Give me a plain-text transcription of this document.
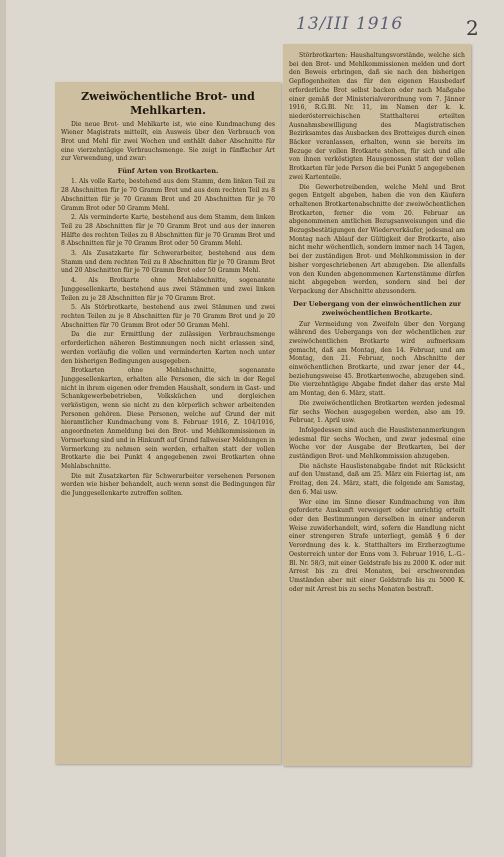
13/III 1916	2
Zweiwöchentliche Brot- und Mehlkarten.

Die neue Brot- und Mehlkarte ist, wie eine Kundmachung des Wiener Magistrats mitteilt, ein Ausweis über den Verbrauch von Brot und Mehl für zwei Wochen und enthält daher Abschnitte für eine vierzehntägige Verbrauchsmenge. Sie zeigt in fünffacher Art zur Verwendung, und zwar:

Fünf Arten von Brotkarten.

1. Als volle Karte, bestehend aus dem Stamm, dem linken Teil zu 28 Abschnitten für je 70 Gramm Brot und aus dem rechten Teil zu 8 Abschnitten für je 70 Gramm Brot und 20 Abschnitten für je 70 Gramm Brot oder 50 Gramm Mehl.

2. Als verminderte Karte, bestehend aus dem Stamm, dem linken Teil zu 28 Abschnitten für je 70 Gramm Brot und aus der inneren Hälfte des rechten Teiles zu 8 Abschnitten für je 70 Gramm Brot und 8 Abschnitten für je 70 Gramm Brot oder 50 Gramm Mehl.

3. Als Zusatzkarte für Schwerarbeiter, bestehend aus dem Stamm und dem rechten Teil zu 8 Abschnitten für je 70 Gramm Brot und 20 Abschnitten für je 70 Gramm Brot oder 50 Gramm Mehl.

4. Als Brotkarte ohne Mehlabschnitte, sogenannte Junggesellenkarte, bestehend aus zwei Stämmen und zwei linken Teilen zu je 28 Abschnitten für je 70 Gramm Brot.

5. Als Störbrotkarte, bestehend aus zwei Stämmen und zwei rechten Teilen zu je 8 Abschnitten für je 70 Gramm Brot und je 20 Abschnitten für 70 Gramm Brot oder 50 Gramm Mehl.

Da die zur Ermittlung der zulässigen Verbrauchsmenge erforderlichen näheren Bestimmungen noch nicht erlassen sind, werden vorläufig die vollen und verminderten Karten noch unter den bisherigen Bedingungen ausgegeben.

Brotkarten ohne Mehlabschnitte, sogenannte Junggesellenkarten, erhalten alle Personen, die sich in der Regel nicht in ihrem eigenen oder fremden Haushalt, sondern in Gast- und Schankgewerbebetrieben, Volksküchen und dergleichen verköstigen, wenn sie nicht zu den körperlich schwer arbeitenden Personen gehören. Diese Personen, welche auf Grund der mit hieramtlicher Kundmachung vom 8. Februar 1916, Z. 104/1916, angeordneten Anmeldung bei den Brot- und Mehlkommissionen in Vormerkung sind und in Hinkunft auf Grund fallweiser Meldungen in Vormerkung zu nehmen sein werden, erhalten statt der vollen Brotkarte die bei Punkt 4 angegebenen zwei Brotkarten ohne Mehlabschnitte.

Die mit Zusatzkarten für Schwerarbeiter versehenen Personen werden wie bisher behandelt, auch wenn sonst die Bedingungen für die Junggesellenkarte zutreffen sollten.

Störbrotkarten: Haushaltungsvorstände, welche sich bei den Brot- und Mehlkommissionen melden und dort den Beweis erbringen, daß sie nach den bisherigen Gepflogenheiten das für den eigenen Hausbedarf erforderliche Brot selbst backen oder nach Maßgabe einer gemäß der Ministerialverordnung vom 7. Jänner 1916, R.G.Bl. Nr. 11, im Namen der k. k. niederösterreichischen Statthalterei erteilten Ausnahmsbewilligung des Magistratischen Bezirksamtes das Ausbacken des Brotteiges durch einen Bäcker veranlassen, erhalten, wenn sie bereits im Bezuge der vollen Brotkarte stehen, für sich und alle von ihnen verköstigten Hausgenossen statt der vollen Brotkarten für jede Person die bei Punkt 5 angegebenen zwei Kartenteile.

Die Gewerbetreibenden, welche Mehl und Brot gegen Entgelt abgeben, haben die von den Käufern erhaltenen Brotkartenabschnitte der zweiwöchentlichen Brotkarten, ferner die vom 20. Februar an abgenommenen amtlichen Bezugsanweisungen und die Bezugsbestätigungen der Wiederverkäufer, jedesmal am Montag nach Ablauf der Gültigkeit der Brotkarte, also nicht mehr wöchentlich, sondern immer nach 14 Tagen, bei der zuständigen Brot- und Mehlkommission in der bisher vorgeschriebenen Art abzugeben. Die allenfalls von den Kunden abgenommenen Kartenstämme dürfen nicht abgegeben werden, sondern sind bei der Verpackung der Abschnitte abzusondern.

Der Uebergang von der einwöchentlichen zur zweiwöchentlichen Brotkarte.

Zur Vermeidung von Zweifeln über den Vorgang während des Uebergangs von der wöchentlichen zur zweiwöchentlichen Brotkarte wird aufmerksam gemacht, daß am Montag, den 14. Februar, und am Montag, den 21. Februar, noch Abschnitte der einwöchentlichen Brotkarte, und zwar jener der 44., beziehungsweise 45. Brotkartenwoche, abzugeben sind. Die vierzehntägige Abgabe findet daher das erste Mal am Montag, den 6. März, statt.

Die zweiwöchentlichen Brotkarten werden jedesmal für sechs Wochen ausgegeben werden, also am 19. Februar, 1. April usw.

Infolgedessen sind auch die Hauslistenanmerkungen jedesmal für sechs Wochen, und zwar jedesmal eine Woche vor der Ausgabe der Brotkarten, bei der zuständigen Brot- und Mehlkommission abzugeben.

Die nächste Hauslistenabgabe findet mit Rücksicht auf den Umstand, daß am 25. März ein Feiertag ist, am Freitag, den 24. März, statt, die folgende am Samstag, den 6. Mai usw.

Wer eine im Sinne dieser Kundmachung von ihm geforderte Auskunft verweigert oder unrichtig erteilt oder den Bestimmungen derselben in einer anderen Weise zuwiderhandelt, wird, sofern die Handlung nicht einer strengeren Strafe unterliegt, gemäß § 6 der Verordnung des k. k. Statthalters im Erzherzogtume Oesterreich unter der Enns vom 3. Februar 1916, L.-G.-Bl. Nr. 58/3, mit einer Geldstrafe bis zu 2000 K. oder mit Arrest bis zu drei Monaten, bei erschwerenden Umständen aber mit einer Geldstrafe bis zu 5000 K. oder mit Arrest bis zu sechs Monaten bestraft.
